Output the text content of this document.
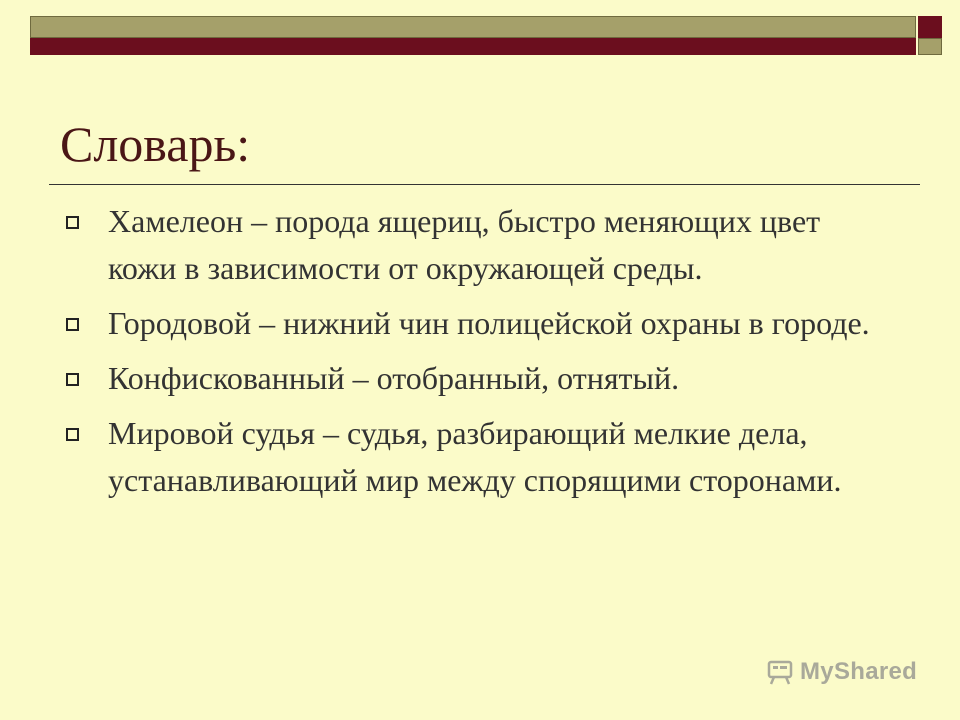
Словарь:
Хамелеон – порода ящериц, быстро меняющих цвет кожи в зависимости от окружающей среды.
Городовой – нижний чин полицейской охраны в городе.
Конфискованный – отобранный, отнятый.
Мировой судья – судья, разбирающий мелкие дела, устанавливающий мир между спорящими сторонами.
MyShared
